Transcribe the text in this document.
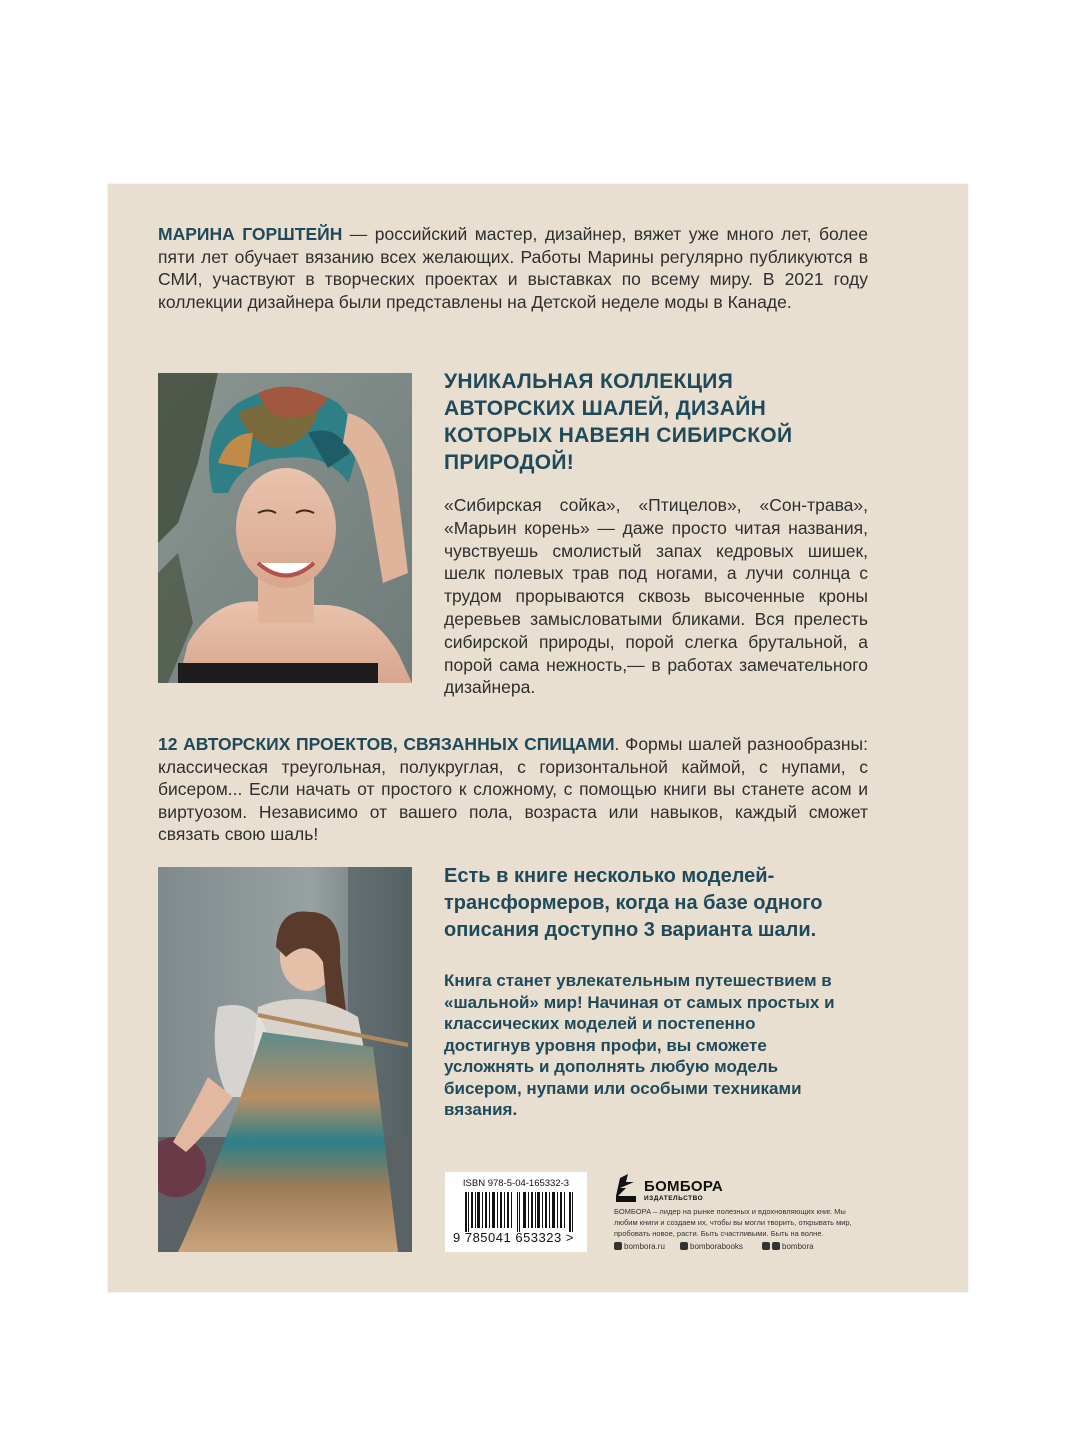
МАРИНА ГОРШТЕЙН — российский мастер, дизайнер, вяжет уже много лет, более пяти лет обучает вязанию всех желающих. Работы Марины регулярно публикуются в СМИ, участвуют в творческих проектах и выставках по всему миру. В 2021 году коллекции дизайнера были представлены на Детской неделе моды в Канаде.
УНИКАЛЬНАЯ КОЛЛЕКЦИЯ АВТОРСКИХ ШАЛЕЙ, ДИЗАЙН КОТОРЫХ НАВЕЯН СИБИРСКОЙ ПРИРОДОЙ!
«Сибирская сойка», «Птицелов», «Сон-трава», «Марьин корень» — даже просто читая названия, чувствуешь смолистый запах кедровых шишек, шелк полевых трав под ногами, а лучи солнца с трудом прорываются сквозь высоченные кроны деревьев замысловатыми бликами. Вся прелесть сибирской природы, порой слегка брутальной, а порой сама нежность,— в работах замечательного дизайнера.
12 АВТОРСКИХ ПРОЕКТОВ, СВЯЗАННЫХ СПИЦАМИ. Формы шалей разнообразны: классическая треугольная, полукруглая, с горизонтальной каймой, с нупами, с бисером... Если начать от простого к сложному, с помощью книги вы станете асом и виртуозом. Независимо от вашего пола, возраста или навыков, каждый сможет связать свою шаль!
Есть в книге несколько моделей-трансформеров, когда на базе одного описания доступно 3 варианта шали.
Книга станет увлекательным путешествием в «шальной» мир! Начиная от самых простых и классических моделей и постепенно достигнув уровня профи, вы сможете усложнять и дополнять любую модель бисером, нупами или особыми техниками вязания.
ISBN 978-5-04-165332-3
9 785041 653323 >
БОМБОРА
ИЗДАТЕЛЬСТВО
БОМБОРА – лидер на рынке полезных и вдохновляющих книг. Мы любим книги и создаем их, чтобы вы могли творить, открывать мир, пробовать новое, расти. Быть счастливыми. Быть на волне.
bombora.ru	bomborabooks	bombora
